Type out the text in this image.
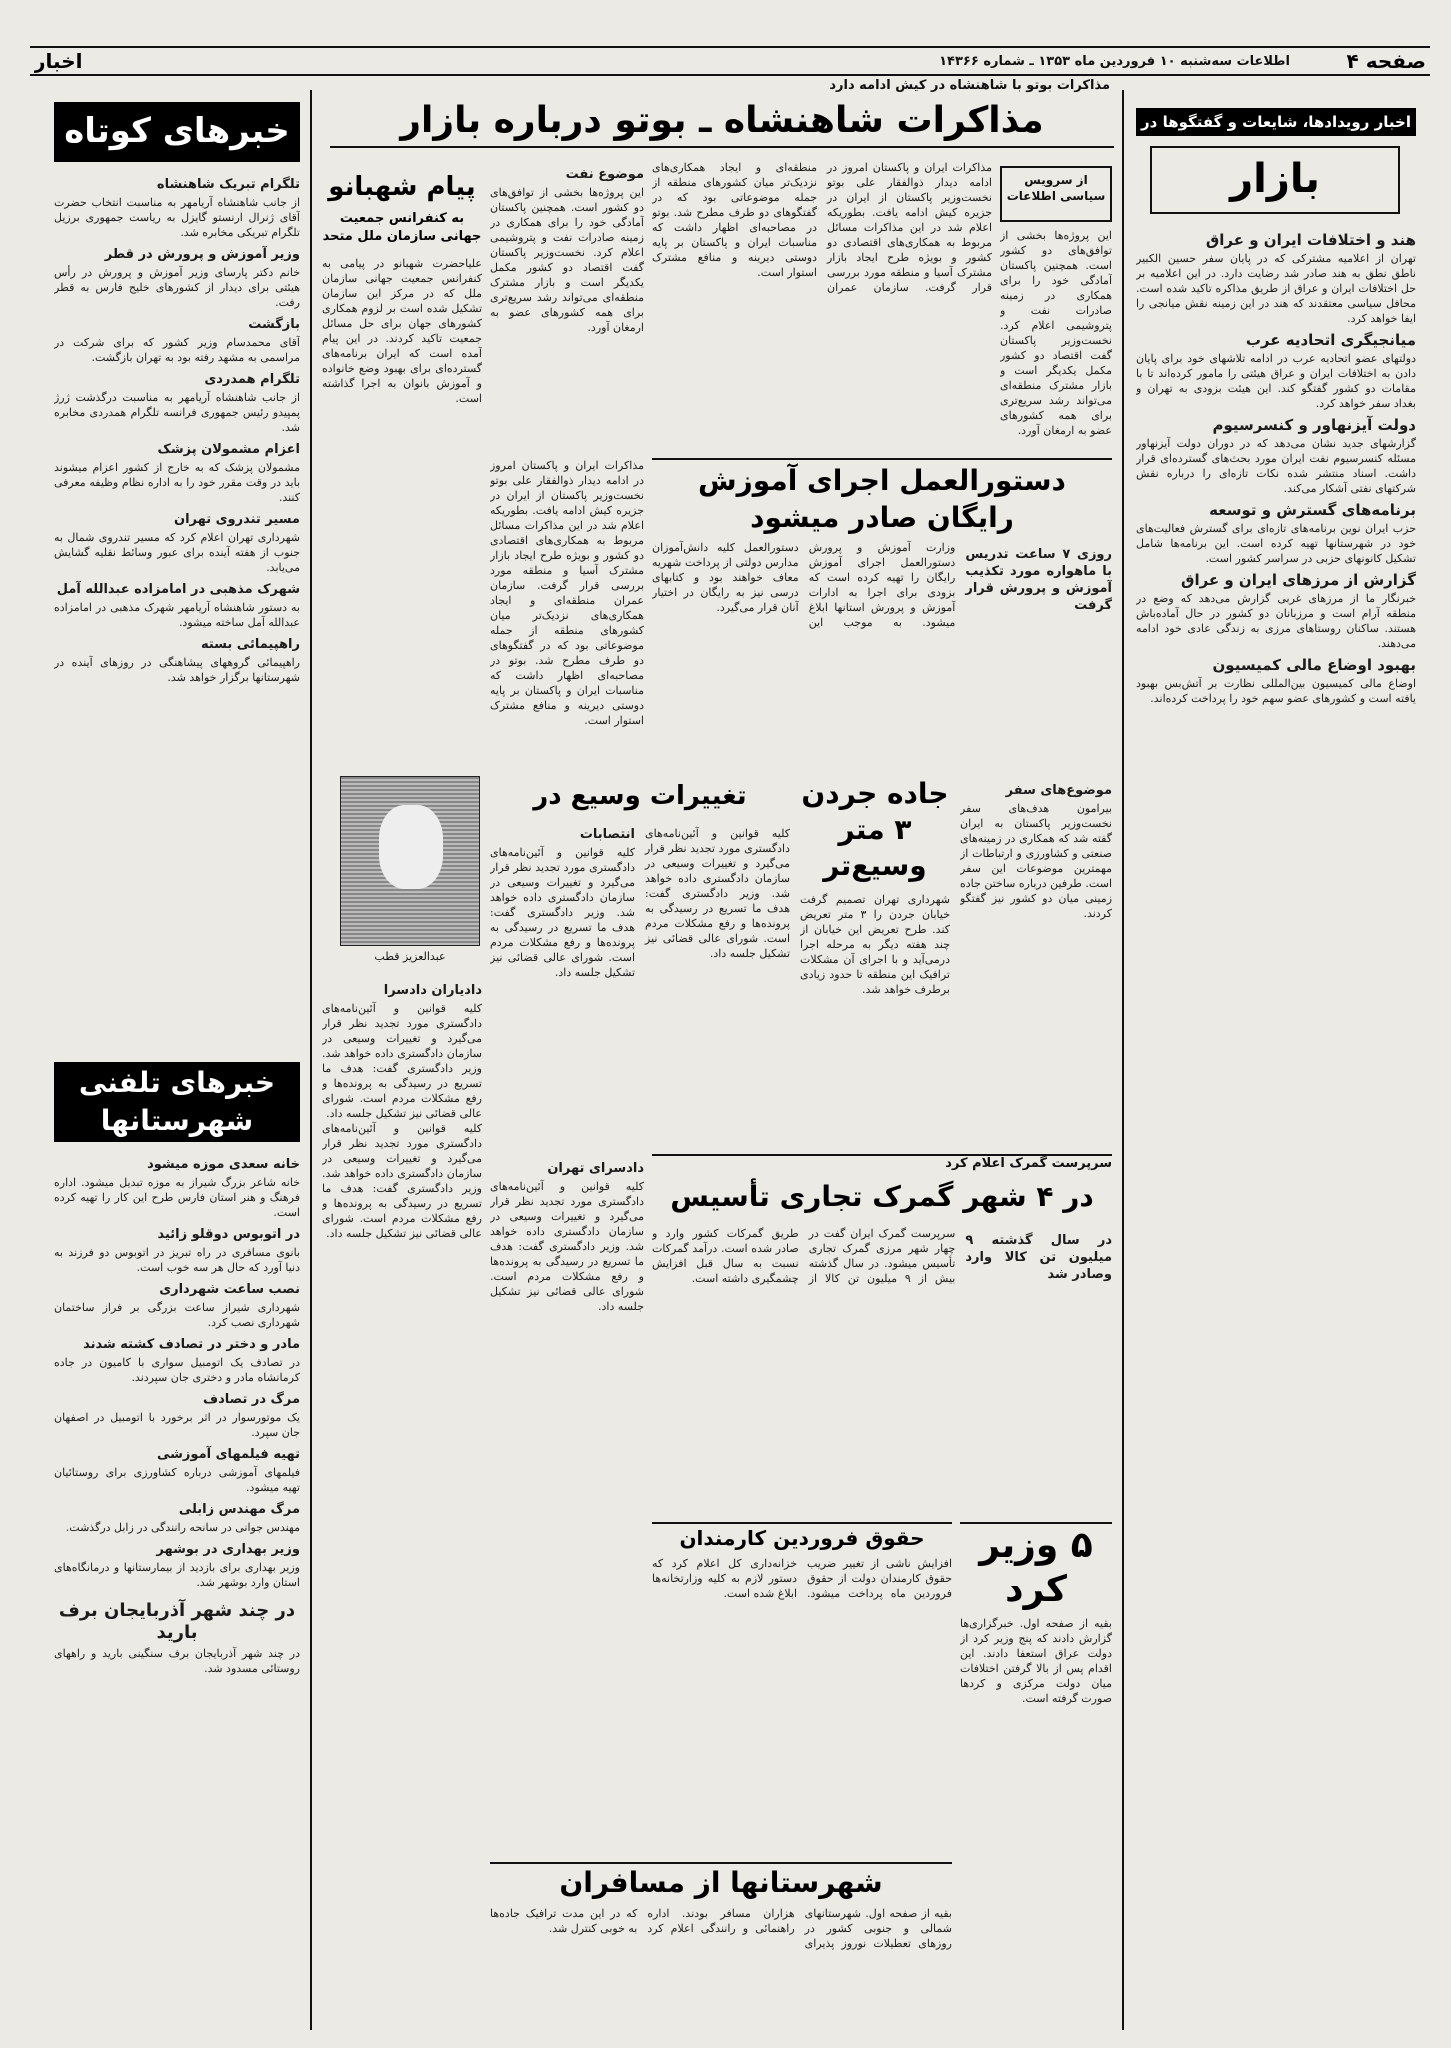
صفحه ۴
اطلاعات سه‌شنبه ۱۰ فروردین ماه ۱۳۵۳ ـ شماره ۱۴۳۶۶
اخبار
خبرهای کوتاه
تلگرام تبریک شاهنشاه
از جانب شاهنشاه آریامهر به مناسبت انتخاب حضرت آقای ژنرال ارنستو گایزل به ریاست جمهوری برزیل تلگرام تبریکی مخابره شد.
وزیر آموزش و پرورش در قطر
خانم دکتر پارسای وزیر آموزش و پرورش در رأس هیئتی برای دیدار از کشورهای خلیج فارس به قطر رفت.
بازگشت
آقای محمدسام وزیر کشور که برای شرکت در مراسمی به مشهد رفته بود به تهران بازگشت.
تلگرام همدردی
از جانب شاهنشاه آریامهر به مناسبت درگذشت ژرژ پمپیدو رئیس جمهوری فرانسه تلگرام همدردی مخابره شد.
اعزام مشمولان پزشک
مشمولان پزشک که به خارج از کشور اعزام میشوند باید در وقت مقرر خود را به اداره نظام وظیفه معرفی کنند.
مسیر تندروی تهران
شهرداری تهران اعلام کرد که مسیر تندروی شمال به جنوب از هفته آینده برای عبور وسائط نقلیه گشایش می‌یابد.
شهرک مذهبی در امامزاده عبدالله آمل
به دستور شاهنشاه آریامهر شهرک مذهبی در امامزاده عبدالله آمل ساخته میشود.
راهپیمائی بسته
راهپیمائی گروههای پیشاهنگی در روزهای آینده در شهرستانها برگزار خواهد شد.
خبرهای تلفنی شهرستانها
خانه سعدی موزه میشود
خانه شاعر بزرگ شیراز به موزه تبدیل میشود. اداره فرهنگ و هنر استان فارس طرح این کار را تهیه کرده است.
در اتوبوس دوقلو زائید
بانوی مسافری در راه تبریز در اتوبوس دو فرزند به دنیا آورد که حال هر سه خوب است.
نصب ساعت شهرداری
شهرداری شیراز ساعت بزرگی بر فراز ساختمان شهرداری نصب کرد.
مادر و دختر در تصادف کشته شدند
در تصادف یک اتومبیل سواری با کامیون در جاده کرمانشاه مادر و دختری جان سپردند.
مرگ در تصادف
یک موتورسوار در اثر برخورد با اتومبیل در اصفهان جان سپرد.
تهیه فیلمهای آموزشی
فیلمهای آموزشی درباره کشاورزی برای روستائیان تهیه میشود.
مرگ مهندس زابلی
مهندس جوانی در سانحه رانندگی در زابل درگذشت.
وزیر بهداری در بوشهر
وزیر بهداری برای بازدید از بیمارستانها و درمانگاه‌های استان وارد بوشهر شد.
در چند شهر آذربایجان برف بارید
در چند شهر آذربایجان برف سنگینی بارید و راههای روستائی مسدود شد.
اخبار رویدادها، شایعات و گفتگوها در
بازار
هند و اختلافات ایران و عراق
تهران از اعلامیه مشترکی که در پایان سفر حسین الکبیر ناطق نطق به هند صادر شد رضایت دارد. در این اعلامیه بر حل اختلافات ایران و عراق از طریق مذاکره تاکید شده است. محافل سیاسی معتقدند که هند در این زمینه نقش میانجی را ایفا خواهد کرد.
میانجیگری اتحادیه عرب
دولتهای عضو اتحادیه عرب در ادامه تلاشهای خود برای پایان دادن به اختلافات ایران و عراق هیئتی را مامور کرده‌اند تا با مقامات دو کشور گفتگو کند. این هیئت بزودی به تهران و بغداد سفر خواهد کرد.
دولت آیزنهاور و کنسرسیوم
گزارشهای جدید نشان می‌دهد که در دوران دولت آیزنهاور مسئله کنسرسیوم نفت ایران مورد بحث‌های گسترده‌ای قرار داشت. اسناد منتشر شده نکات تازه‌ای را درباره نقش شرکتهای نفتی آشکار می‌کند.
برنامه‌های گسترش و توسعه
حزب ایران نوین برنامه‌های تازه‌ای برای گسترش فعالیت‌های خود در شهرستانها تهیه کرده است. این برنامه‌ها شامل تشکیل کانونهای حزبی در سراسر کشور است.
گزارش از مرزهای ایران و عراق
خبرنگار ما از مرزهای غربی گزارش می‌دهد که وضع در منطقه آرام است و مرزبانان دو کشور در حال آماده‌باش هستند. ساکنان روستاهای مرزی به زندگی عادی خود ادامه می‌دهند.
بهبود اوضاع مالی کمیسیون
اوضاع مالی کمیسیون بین‌المللی نظارت بر آتش‌بس بهبود یافته است و کشورهای عضو سهم خود را پرداخت کرده‌اند.
مذاکرات بوتو با شاهنشاه در کیش ادامه دارد
مذاکرات شاهنشاه ـ بوتو درباره بازار
از سرویس سیاسی اطلاعات
مذاکرات ایران و پاکستان امروز در ادامه دیدار ذوالفقار علی بوتو نخست‌وزیر پاکستان از ایران در جزیره کیش ادامه یافت. بطوریکه اعلام شد در این مذاکرات مسائل مربوط به همکاری‌های اقتصادی دو کشور و بویژه طرح ایجاد بازار مشترک آسیا و منطقه مورد بررسی قرار گرفت. سازمان عمران منطقه‌ای و ایجاد همکاری‌های نزدیک‌تر میان کشورهای منطقه از جمله موضوعاتی بود که در گفتگوهای دو طرف مطرح شد. بوتو در مصاحبه‌ای اظهار داشت که مناسبات ایران و پاکستان بر پایه دوستی دیرینه و منافع مشترک استوار است.
این پروژه‌ها بخشی از توافق‌های دو کشور است. همچنین پاکستان آمادگی خود را برای همکاری در زمینه صادرات نفت و پتروشیمی اعلام کرد. نخست‌وزیر پاکستان گفت اقتصاد دو کشور مکمل یکدیگر است و بازار مشترک منطقه‌ای می‌تواند رشد سریع‌تری برای همه کشورهای عضو به ارمغان آورد.
موضوع نفت
این پروژه‌ها بخشی از توافق‌های دو کشور است. همچنین پاکستان آمادگی خود را برای همکاری در زمینه صادرات نفت و پتروشیمی اعلام کرد. نخست‌وزیر پاکستان گفت اقتصاد دو کشور مکمل یکدیگر است و بازار مشترک منطقه‌ای می‌تواند رشد سریع‌تری برای همه کشورهای عضو به ارمغان آورد.
پیام شهبانو
به کنفرانس جمعیت جهانی سازمان ملل متحد
علیاحضرت شهبانو در پیامی به کنفرانس جمعیت جهانی سازمان ملل که در مرکز این سازمان تشکیل شده است بر لزوم همکاری کشورهای جهان برای حل مسائل جمعیت تاکید کردند. در این پیام آمده است که ایران برنامه‌های گسترده‌ای برای بهبود وضع خانواده و آموزش بانوان به اجرا گذاشته است.
دستورالعمل اجرای آموزش رایگان صادر میشود
روزی ۷ ساعت تدریس با ماهواره مورد تکذیب آموزش و پرورش قرار گرفت
وزارت آموزش و پرورش دستورالعمل اجرای آموزش رایگان را تهیه کرده است که بزودی برای اجرا به ادارات آموزش و پرورش استانها ابلاغ میشود. به موجب این دستورالعمل کلیه دانش‌آموزان مدارس دولتی از پرداخت شهریه معاف خواهند بود و کتابهای درسی نیز به رایگان در اختیار آنان قرار می‌گیرد.
مذاکرات ایران و پاکستان امروز در ادامه دیدار ذوالفقار علی بوتو نخست‌وزیر پاکستان از ایران در جزیره کیش ادامه یافت. بطوریکه اعلام شد در این مذاکرات مسائل مربوط به همکاری‌های اقتصادی دو کشور و بویژه طرح ایجاد بازار مشترک آسیا و منطقه مورد بررسی قرار گرفت. سازمان عمران منطقه‌ای و ایجاد همکاری‌های نزدیک‌تر میان کشورهای منطقه از جمله موضوعاتی بود که در گفتگوهای دو طرف مطرح شد. بوتو در مصاحبه‌ای اظهار داشت که مناسبات ایران و پاکستان بر پایه دوستی دیرینه و منافع مشترک استوار است.
جاده جردن ۳ متر وسیع‌تر
شهرداری تهران تصمیم گرفت خیابان جردن را ۳ متر تعریض کند. طرح تعریض این خیابان از چند هفته دیگر به مرحله اجرا درمی‌آید و با اجرای آن مشکلات ترافیک این منطقه تا حدود زیادی برطرف خواهد شد.
موضوع‌های سفر
بیرامون هدف‌های سفر نخست‌وزیر پاکستان به ایران گفته شد که همکاری در زمینه‌های صنعتی و کشاورزی و ارتباطات از مهمترین موضوعات این سفر است. طرفین درباره ساختن جاده زمینی میان دو کشور نیز گفتگو کردند.
تغییرات وسیع در
عبدالعزیز قطب
کلیه قوانین و آئین‌نامه‌های دادگستری مورد تجدید نظر قرار می‌گیرد و تغییرات وسیعی در سازمان دادگستری داده خواهد شد. وزیر دادگستری گفت: هدف ما تسریع در رسیدگی به پرونده‌ها و رفع مشکلات مردم است. شورای عالی قضائی نیز تشکیل جلسه داد.
انتصابات
کلیه قوانین و آئین‌نامه‌های دادگستری مورد تجدید نظر قرار می‌گیرد و تغییرات وسیعی در سازمان دادگستری داده خواهد شد. وزیر دادگستری گفت: هدف ما تسریع در رسیدگی به پرونده‌ها و رفع مشکلات مردم است. شورای عالی قضائی نیز تشکیل جلسه داد.
دادیاران دادسرا
کلیه قوانین و آئین‌نامه‌های دادگستری مورد تجدید نظر قرار می‌گیرد و تغییرات وسیعی در سازمان دادگستری داده خواهد شد. وزیر دادگستری گفت: هدف ما تسریع در رسیدگی به پرونده‌ها و رفع مشکلات مردم است. شورای عالی قضائی نیز تشکیل جلسه داد.
کلیه قوانین و آئین‌نامه‌های دادگستری مورد تجدید نظر قرار می‌گیرد و تغییرات وسیعی در سازمان دادگستری داده خواهد شد. وزیر دادگستری گفت: هدف ما تسریع در رسیدگی به پرونده‌ها و رفع مشکلات مردم است. شورای عالی قضائی نیز تشکیل جلسه داد.
دادسرای تهران
کلیه قوانین و آئین‌نامه‌های دادگستری مورد تجدید نظر قرار می‌گیرد و تغییرات وسیعی در سازمان دادگستری داده خواهد شد. وزیر دادگستری گفت: هدف ما تسریع در رسیدگی به پرونده‌ها و رفع مشکلات مردم است. شورای عالی قضائی نیز تشکیل جلسه داد.
سرپرست گمرک اعلام کرد
در ۴ شهر گمرک تجاری تأسیس
در سال گذشته ۹ میلیون تن کالا وارد وصادر شد
سرپرست گمرک ایران گفت در چهار شهر مرزی گمرک تجاری تأسیس میشود. در سال گذشته بیش از ۹ میلیون تن کالا از طریق گمرکات کشور وارد و صادر شده است. درآمد گمرکات نسبت به سال قبل افزایش چشمگیری داشته است.
حقوق فروردین کارمندان
افزایش ناشی از تغییر ضریب حقوق کارمندان دولت از حقوق فروردین ماه پرداخت میشود. خزانه‌داری کل اعلام کرد که دستور لازم به کلیه وزارتخانه‌ها ابلاغ شده است.
۵ وزیر کرد
بقیه از صفحه اول. خبرگزاری‌ها گزارش دادند که پنج وزیر کرد از دولت عراق استعفا دادند. این اقدام پس از بالا گرفتن اختلافات میان دولت مرکزی و کردها صورت گرفته است.
شهرستانها از مسافران
بقیه از صفحه اول. شهرستانهای شمالی و جنوبی کشور در روزهای تعطیلات نوروز پذیرای هزاران مسافر بودند. اداره راهنمائی و رانندگی اعلام کرد که در این مدت ترافیک جاده‌ها به خوبی کنترل شد.
